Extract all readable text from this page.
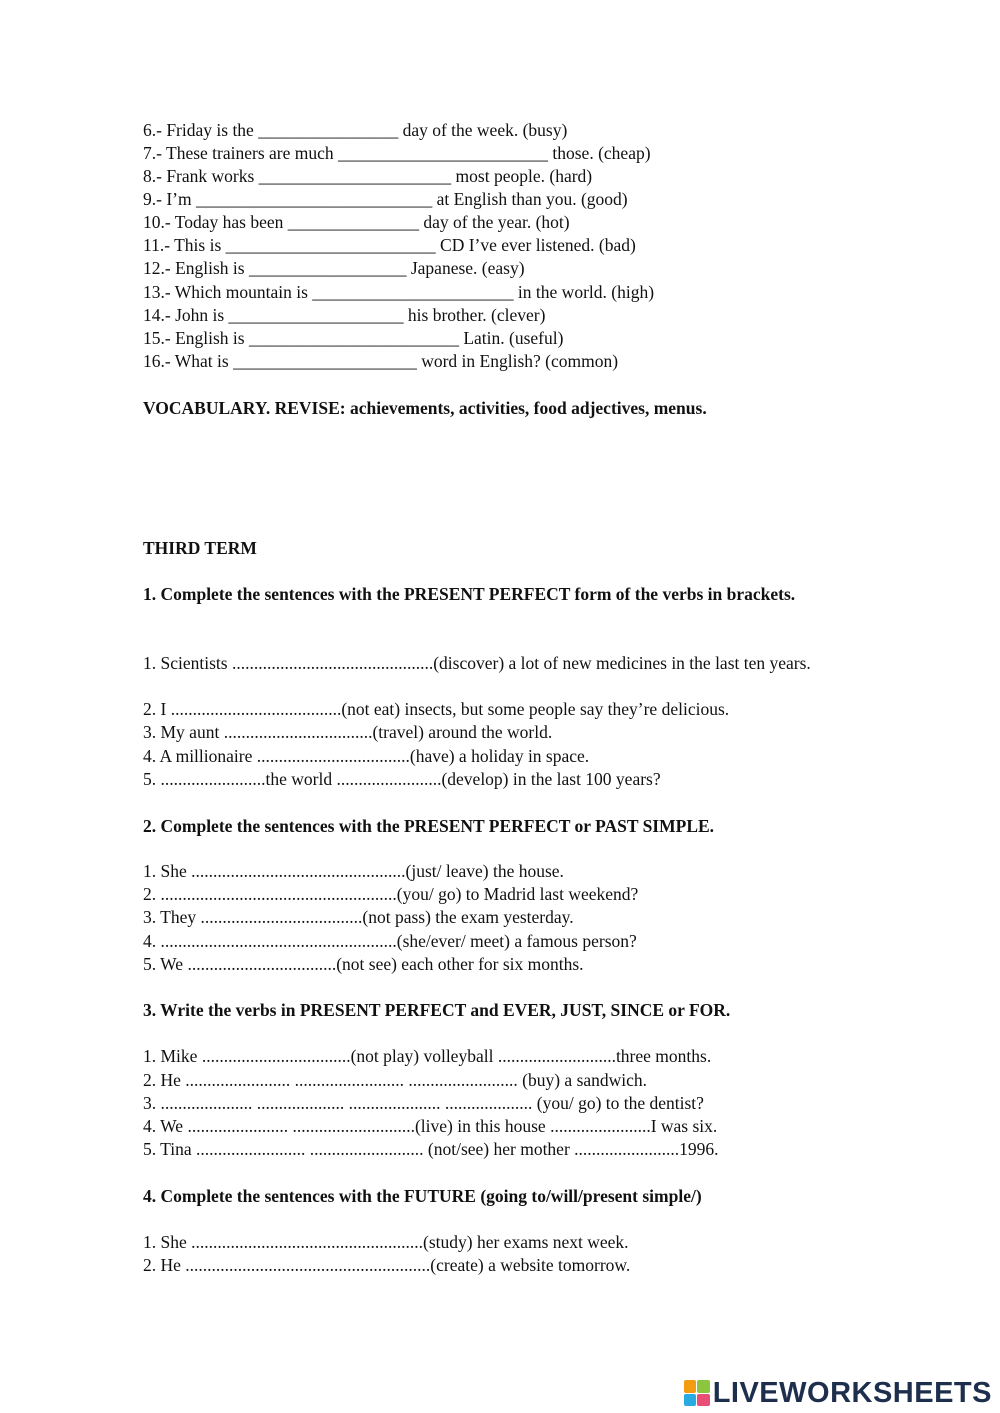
6.- Friday is the ________________ day of the week. (busy)
7.- These trainers are much ________________________ those. (cheap)
8.- Frank works ______________________ most people. (hard)
9.- I’m ___________________________ at English than you. (good)
10.- Today has been _______________ day of the year. (hot)
11.- This is ________________________ CD I’ve ever listened. (bad)
12.- English is __________________ Japanese. (easy)
13.- Which mountain is _______________________ in the world. (high)
14.- John is ____________________ his brother. (clever)
15.- English is ________________________ Latin. (useful)
16.- What is _____________________ word in English? (common)
VOCABULARY. REVISE: achievements, activities, food adjectives, menus.
THIRD TERM
1. Complete the sentences with the PRESENT PERFECT form of the verbs in brackets.
1. Scientists ..............................................(discover) a lot of new medicines in the last ten years.
2. I .......................................(not eat) insects, but some people say they’re delicious.
3. My aunt ..................................(travel) around the world.
4. A millionaire ...................................(have) a holiday in space.
5. ........................the world ........................(develop) in the last 100 years?
2. Complete the sentences with the PRESENT PERFECT or PAST SIMPLE.
1. She .................................................(just/ leave) the house.
2. ......................................................(you/ go) to Madrid last weekend?
3. They .....................................(not pass) the exam yesterday.
4. ......................................................(she/ever/ meet) a famous person?
5. We ..................................(not see) each other for six months.
3. Write the verbs in PRESENT PERFECT and EVER, JUST, SINCE or FOR.
1. Mike ..................................(not play) volleyball ...........................three months.
2. He ........................ ......................... ......................... (buy) a sandwich.
3. ..................... .................... ..................... .................... (you/ go) to the dentist?
4. We ....................... ............................(live) in this house .......................I was six.
5. Tina ......................... .......................... (not/see) her mother ........................1996.
4. Complete the sentences with the FUTURE (going to/will/present simple/)
1. She .....................................................(study) her exams next week.
2. He ........................................................(create) a website tomorrow.
LIVEWORKSHEETS
